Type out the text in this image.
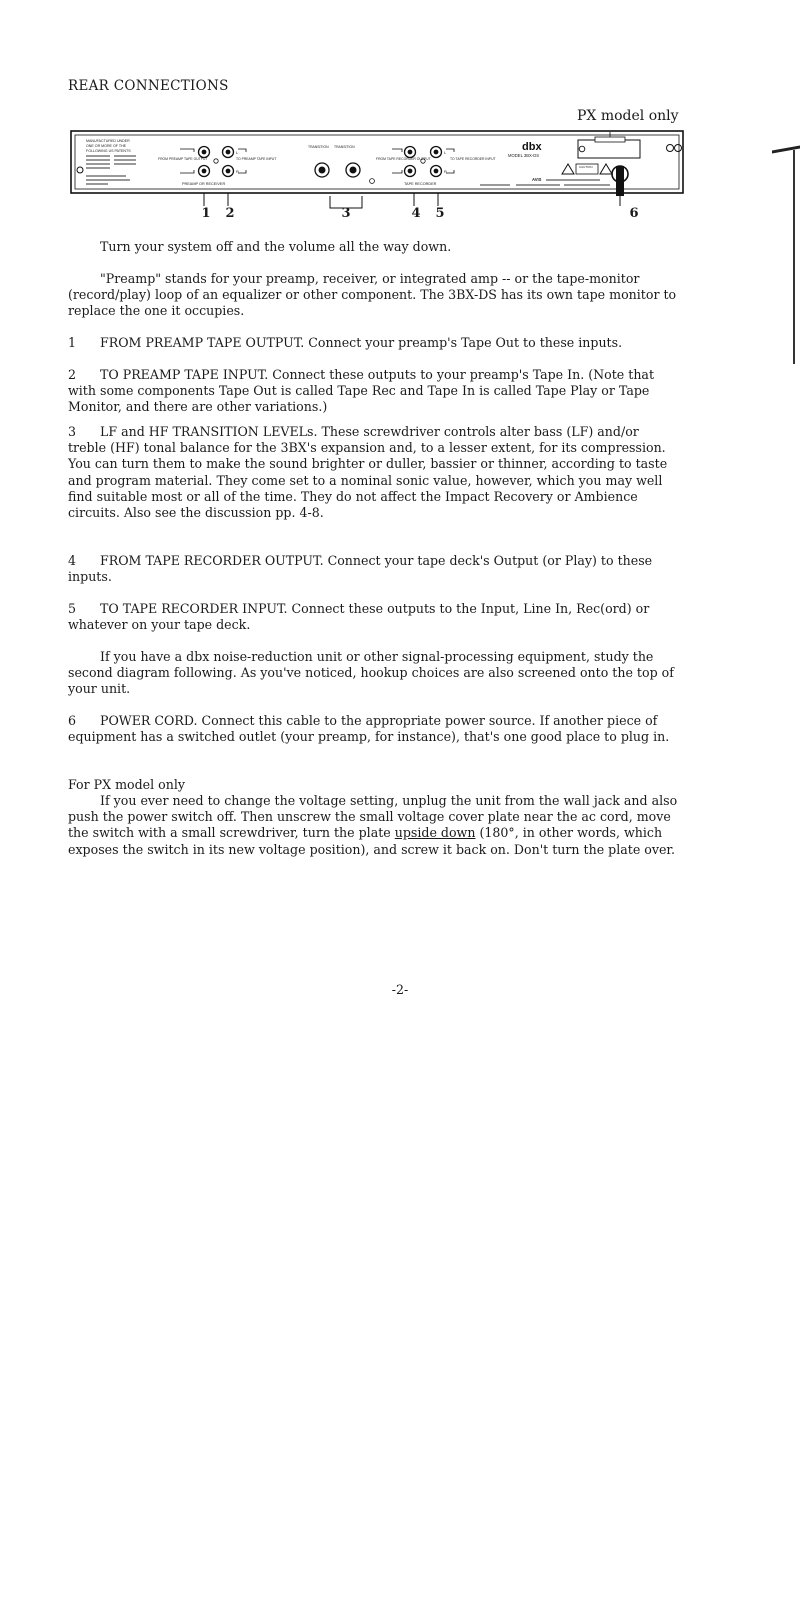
REAR CONNECTIONS
PX model only
MANUFACTURED UNDER
ONE OR MORE OF THE
FOLLOWING US PATENTS
FROM PREAMP TAPE OUTPUT	TO PREAMP TAPE INPUT
L
R
PREAMP OR RECEIVER
TRANSITION TRANSITION
FROM TAPE RECORDER OUTPUT	TO TAPE RECORDER INPUT
L
R
TAPE RECORDER
dbx
MODEL 3BX-DS
CAUTION
AVIS
1 2	3	4 5	6

Turn your system off and the volume all the way down.

"Preamp" stands for your preamp, receiver, or integrated amp -- or the tape-monitor (record/play) loop of an equalizer or other component. The 3BX-DS has its own tape monitor to replace the one it occupies.

1 FROM PREAMP TAPE OUTPUT. Connect your preamp's Tape Out to these inputs.

2 TO PREAMP TAPE INPUT. Connect these outputs to your preamp's Tape In. (Note that with some components Tape Out is called Tape Rec and Tape In is called Tape Play or Tape Monitor, and there are other variations.)

3 LF and HF TRANSITION LEVELs. These screwdriver controls alter bass (LF) and/or treble (HF) tonal balance for the 3BX's expansion and, to a lesser extent, for its compression. You can turn them to make the sound brighter or duller, bassier or thinner, according to taste and program material. They come set to a nominal sonic value, however, which you may well find suitable most or all of the time. They do not affect the Impact Recovery or Ambience circuits. Also see the discussion pp. 4-8.

4 FROM TAPE RECORDER OUTPUT. Connect your tape deck's Output (or Play) to these inputs.

5 TO TAPE RECORDER INPUT. Connect these outputs to the Input, Line In, Rec(ord) or whatever on your tape deck.

If you have a dbx noise-reduction unit or other signal-processing equipment, study the second diagram following. As you've noticed, hookup choices are also screened onto the top of your unit.

6 POWER CORD. Connect this cable to the appropriate power source. If another piece of equipment has a switched outlet (your preamp, for instance), that's one good place to plug in.

For PX model only

If you ever need to change the voltage setting, unplug the unit from the wall jack and also push the power switch off. Then unscrew the small voltage cover plate near the ac cord, move the switch with a small screwdriver, turn the plate upside down (180°, in other words, which exposes the switch in its new voltage position), and screw it back on. Don't turn the plate over.

-2-
